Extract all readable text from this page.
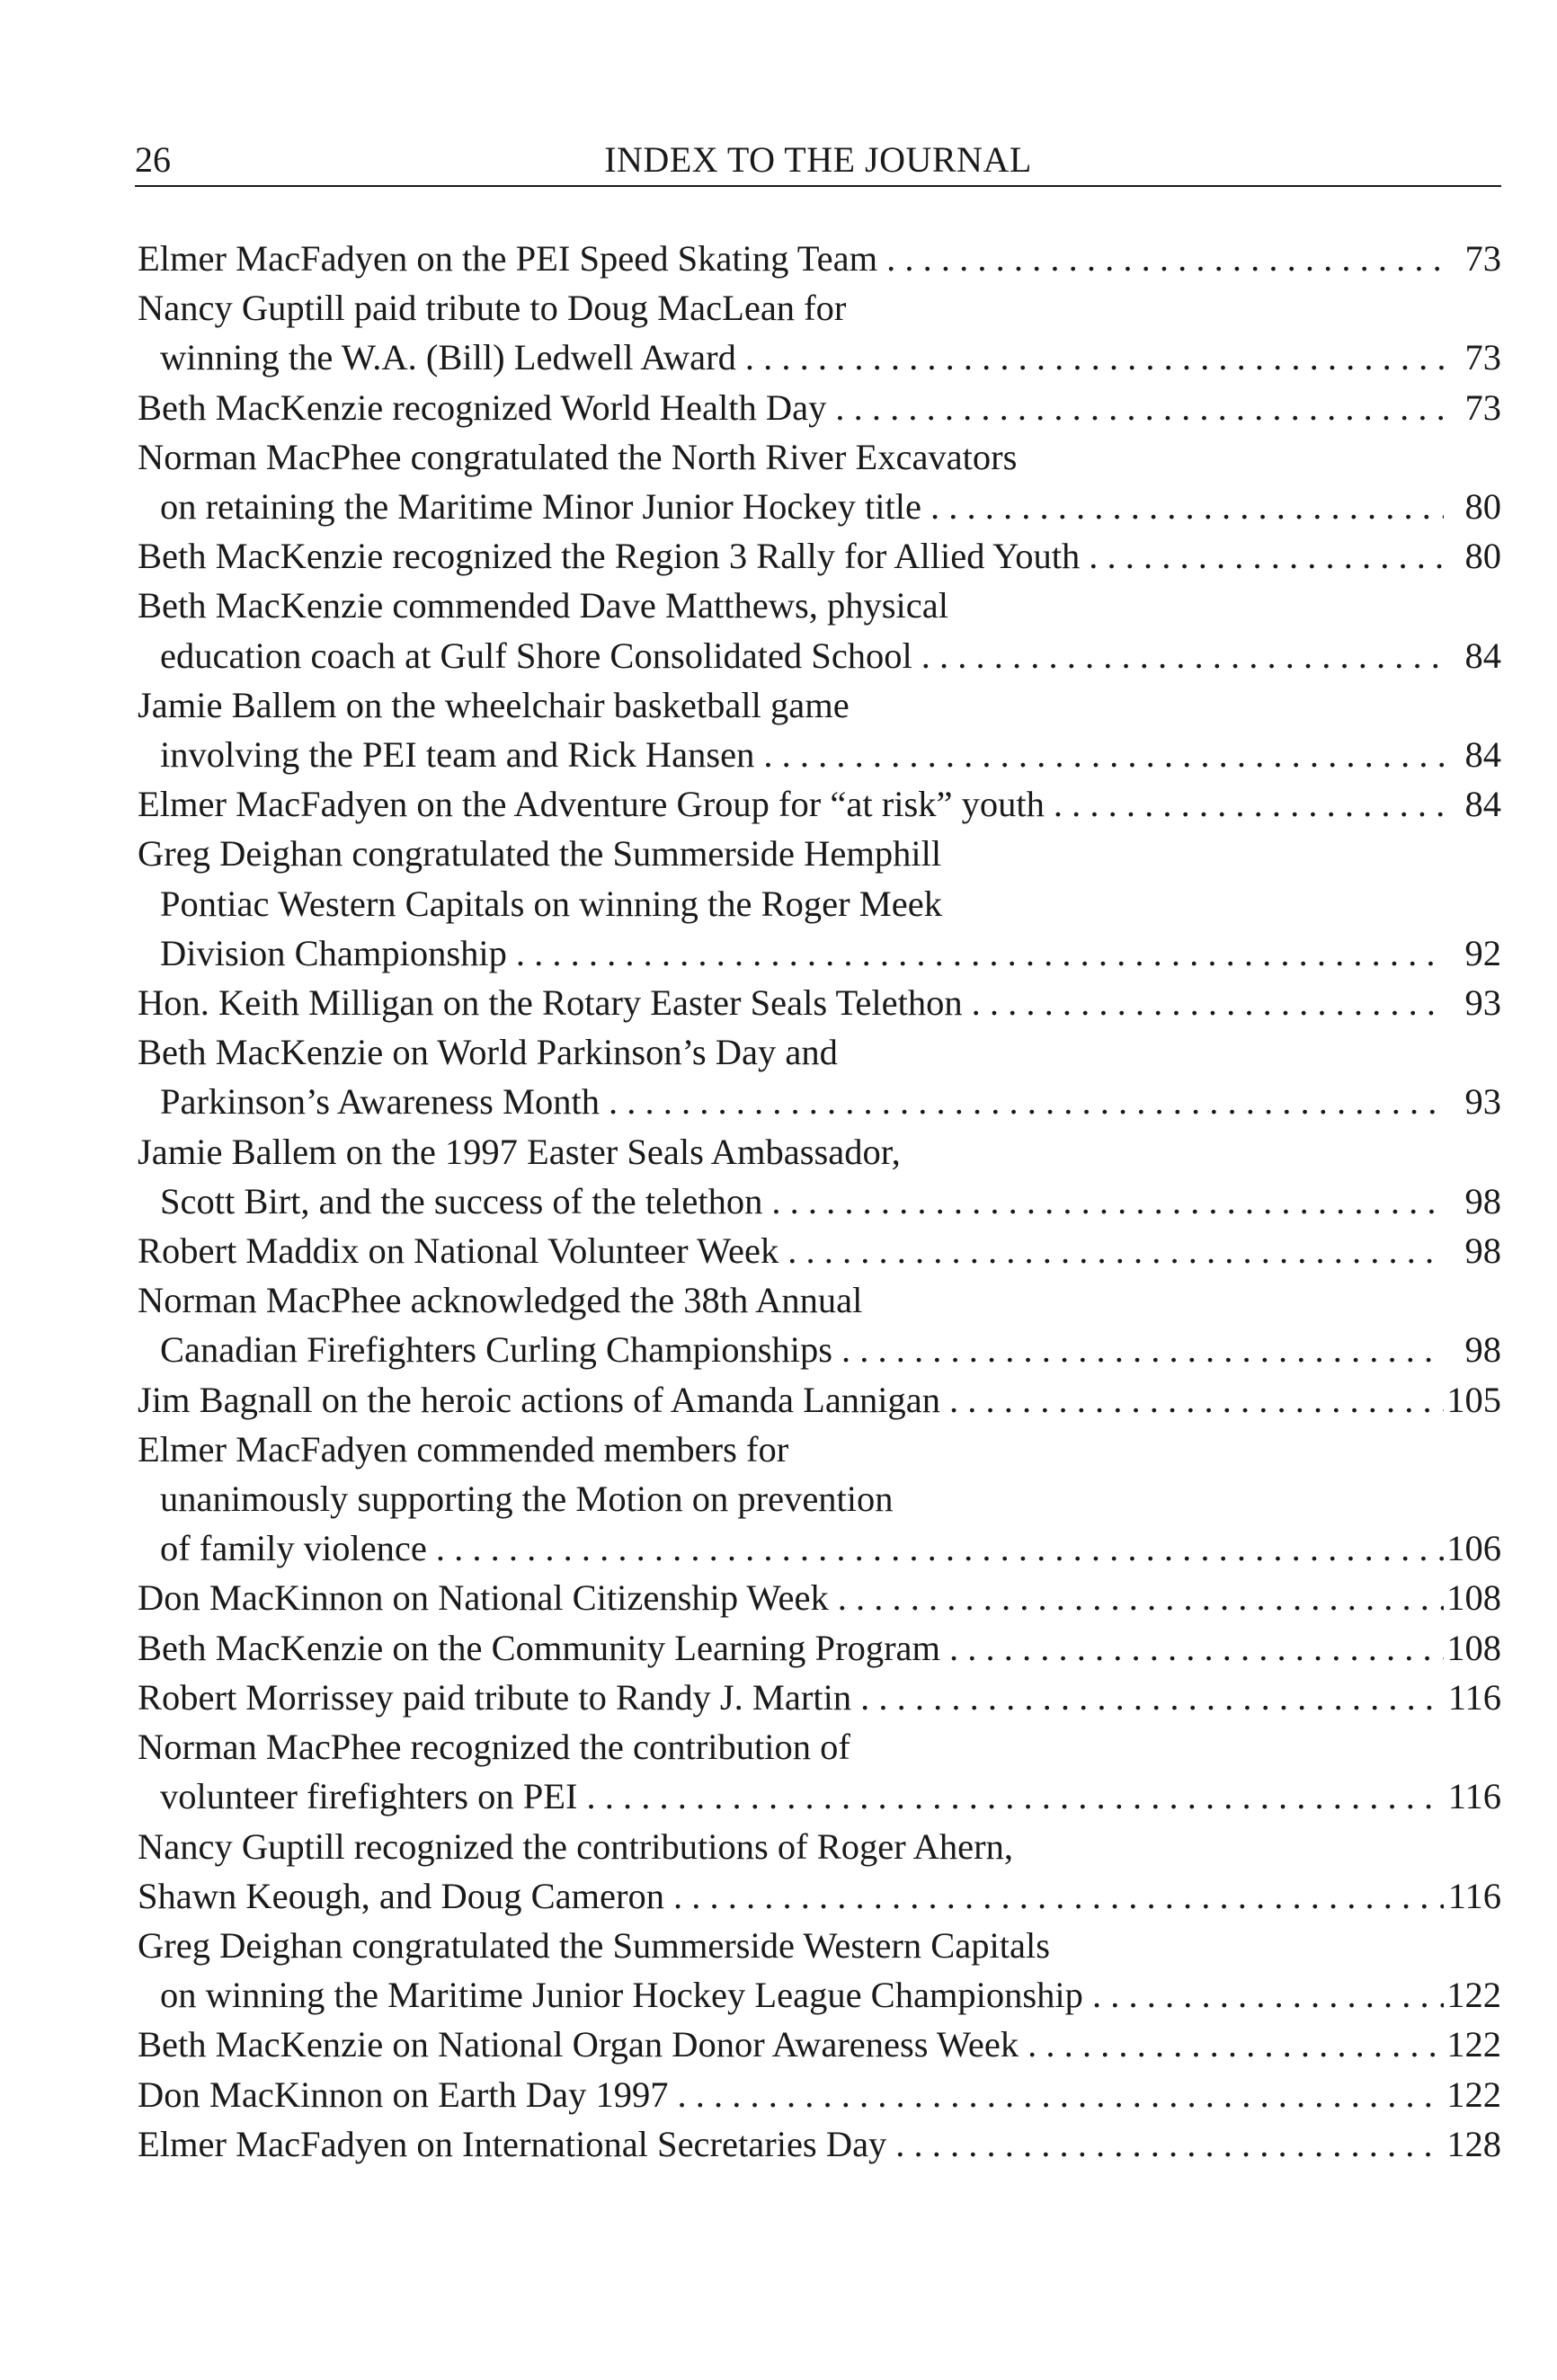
26	INDEX TO THE JOURNAL
Elmer MacFadyen on the PEI Speed Skating Team . . .	73
Nancy Guptill paid tribute to Doug MacLean for
winning the W.A. (Bill) Ledwell Award . . .	73
Beth MacKenzie recognized World Health Day . . .	73
Norman MacPhee congratulated the North River Excavators
on retaining the Maritime Minor Junior Hockey title . . .	80
Beth MacKenzie recognized the Region 3 Rally for Allied Youth . . .	80
Beth MacKenzie commended Dave Matthews, physical
education coach at Gulf Shore Consolidated School . . .	84
Jamie Ballem on the wheelchair basketball game
involving the PEI team and Rick Hansen . . .	84
Elmer MacFadyen on the Adventure Group for “at risk” youth . . .	84
Greg Deighan congratulated the Summerside Hemphill
Pontiac Western Capitals on winning the Roger Meek
Division Championship . . .	92
Hon. Keith Milligan on the Rotary Easter Seals Telethon . . .	93
Beth MacKenzie on World Parkinson’s Day and
Parkinson’s Awareness Month . . .	93
Jamie Ballem on the 1997 Easter Seals Ambassador,
Scott Birt, and the success of the telethon . . .	98
Robert Maddix on National Volunteer Week . . .	98
Norman MacPhee acknowledged the 38th Annual
Canadian Firefighters Curling Championships . . .	98
Jim Bagnall on the heroic actions of Amanda Lannigan . . .	105
Elmer MacFadyen commended members for
unanimously supporting the Motion on prevention
of family violence . . .	106
Don MacKinnon on National Citizenship Week . . .	108
Beth MacKenzie on the Community Learning Program . . .	108
Robert Morrissey paid tribute to Randy J. Martin . . .	116
Norman MacPhee recognized the contribution of
volunteer firefighters on PEI . . .	116
Nancy Guptill recognized the contributions of Roger Ahern,
Shawn Keough, and Doug Cameron . . .	116
Greg Deighan congratulated the Summerside Western Capitals
on winning the Maritime Junior Hockey League Championship . . .	122
Beth MacKenzie on National Organ Donor Awareness Week . . .	122
Don MacKinnon on Earth Day 1997 . . .	122
Elmer MacFadyen on International Secretaries Day . . .	128
